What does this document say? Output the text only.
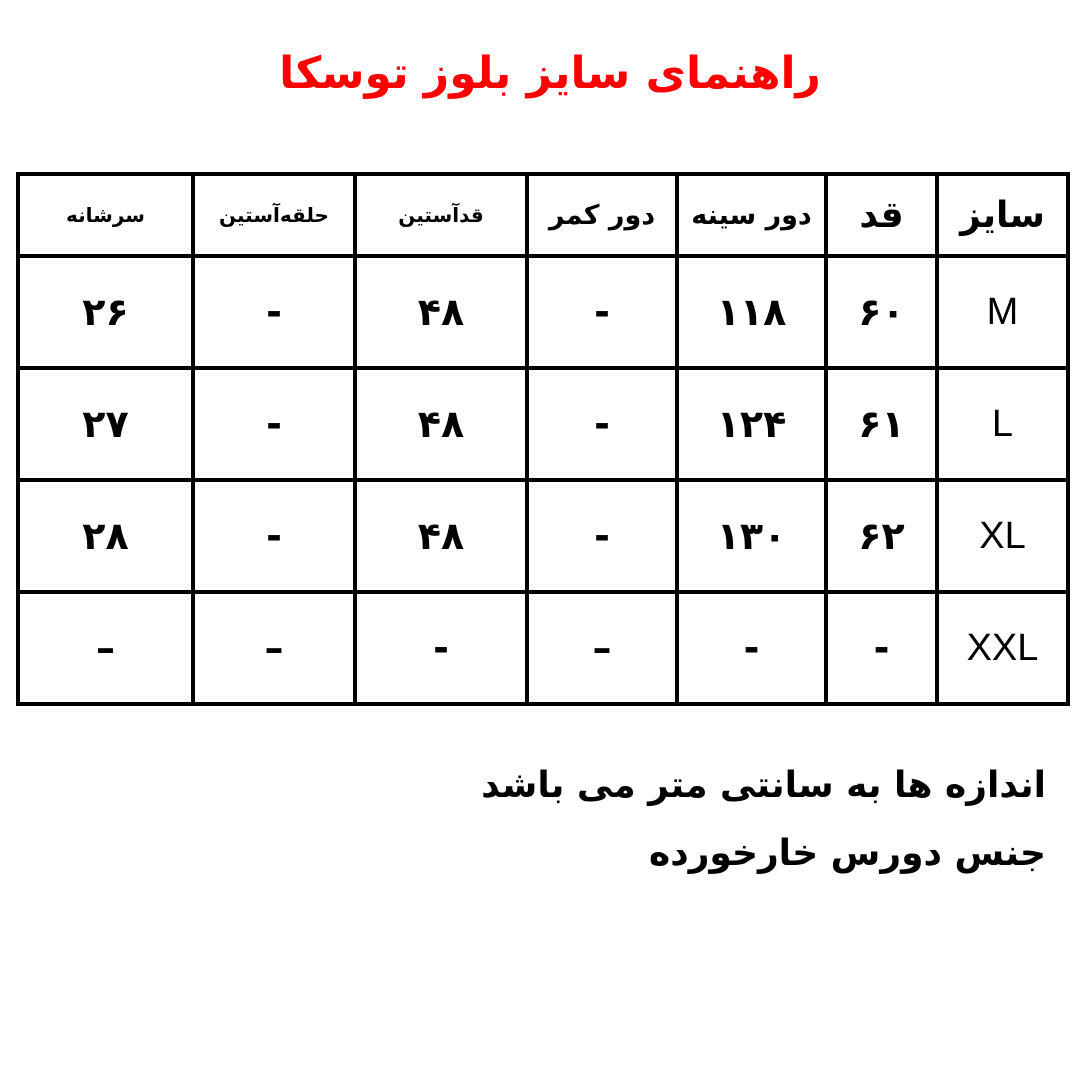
راهنمای سایز بلوز توسکا
سایز	قد	دور سینه	دور کمر	قدآستین	حلقه‌آستین	سرشانه
M	۶۰	۱۱۸	-	۴۸	-	۲۶
L	۶۱	۱۲۴	-	۴۸	-	۲۷
XL	۶۲	۱۳۰	-	۴۸	-	۲۸
XXL	-	-	–	-	–	–
اندازه ها به سانتی متر می باشد
جنس دورس خارخورده
